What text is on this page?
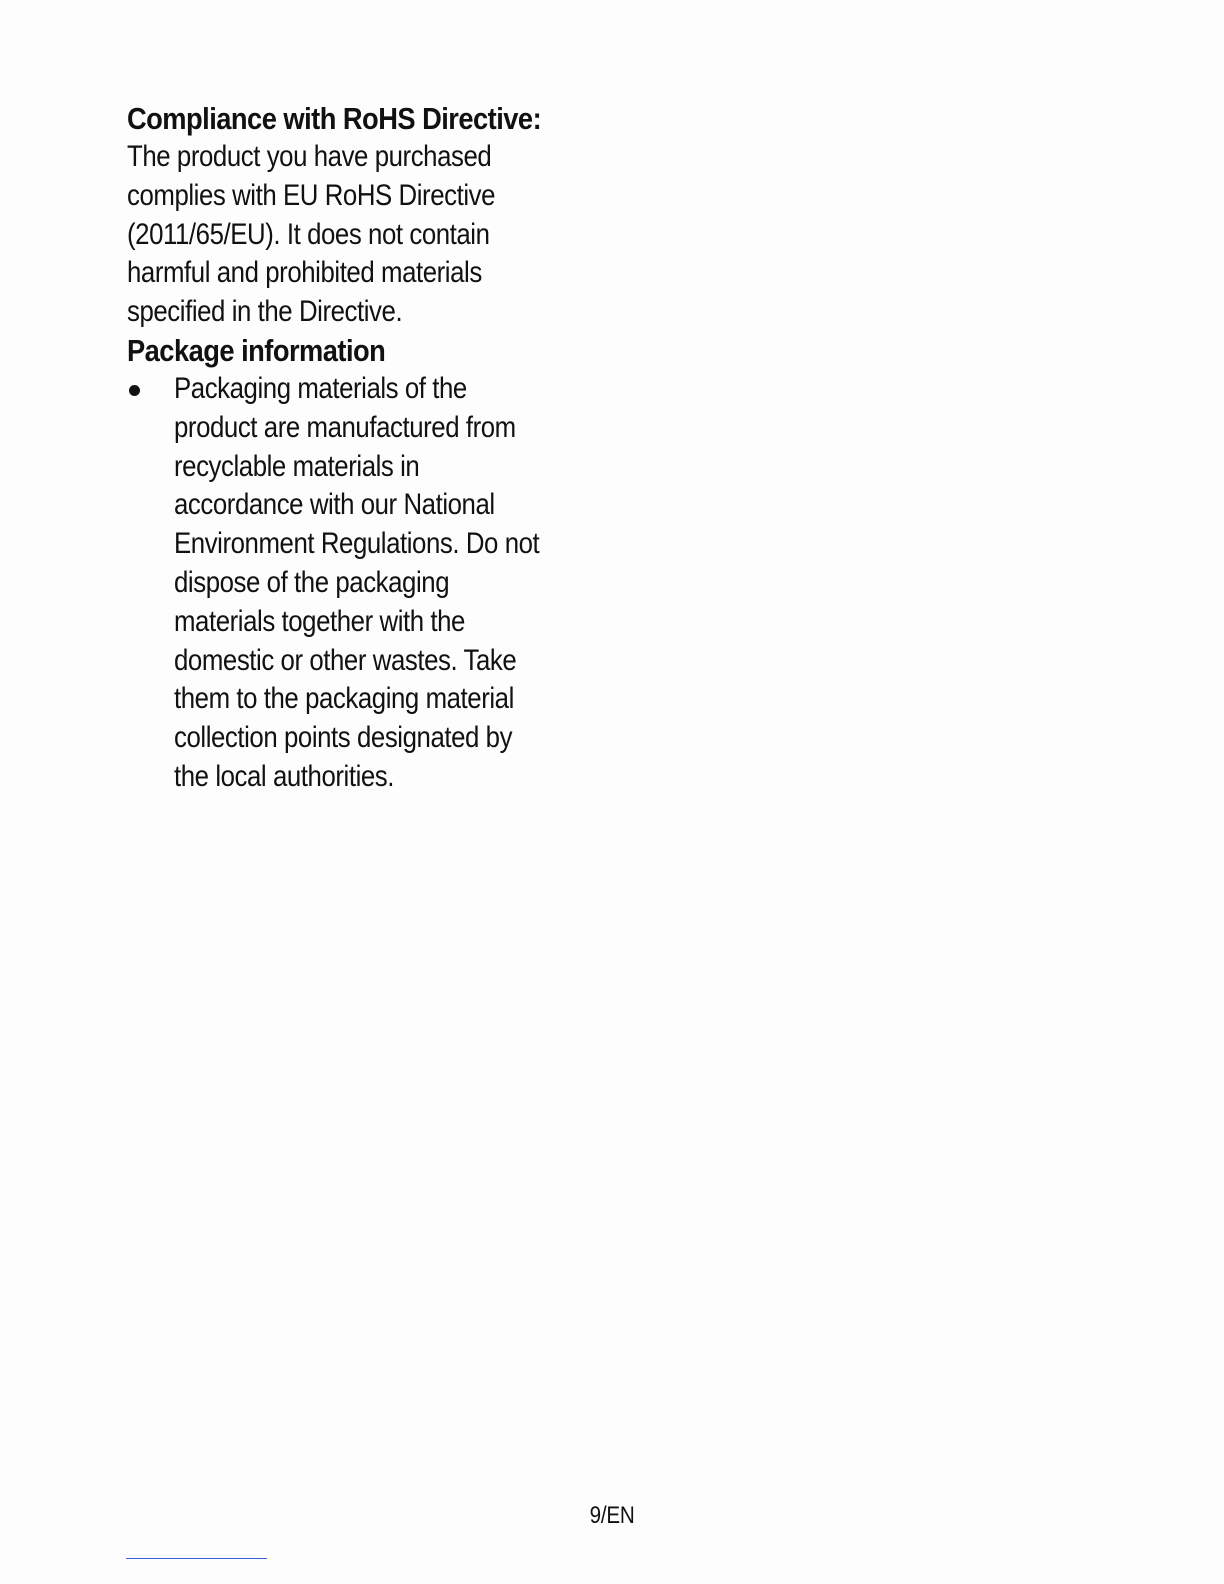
Compliance with RoHS Directive:

The product you have purchased
complies with EU RoHS Directive
(2011/65/EU). It does not contain
harmful and prohibited materials
specified in the Directive.

Package information
Packaging materials of the
product are manufactured from
recyclable materials in
accordance with our National
Environment Regulations. Do not
dispose of the packaging
materials together with the
domestic or other wastes. Take
them to the packaging material
collection points designated by
the local authorities.
9/EN
